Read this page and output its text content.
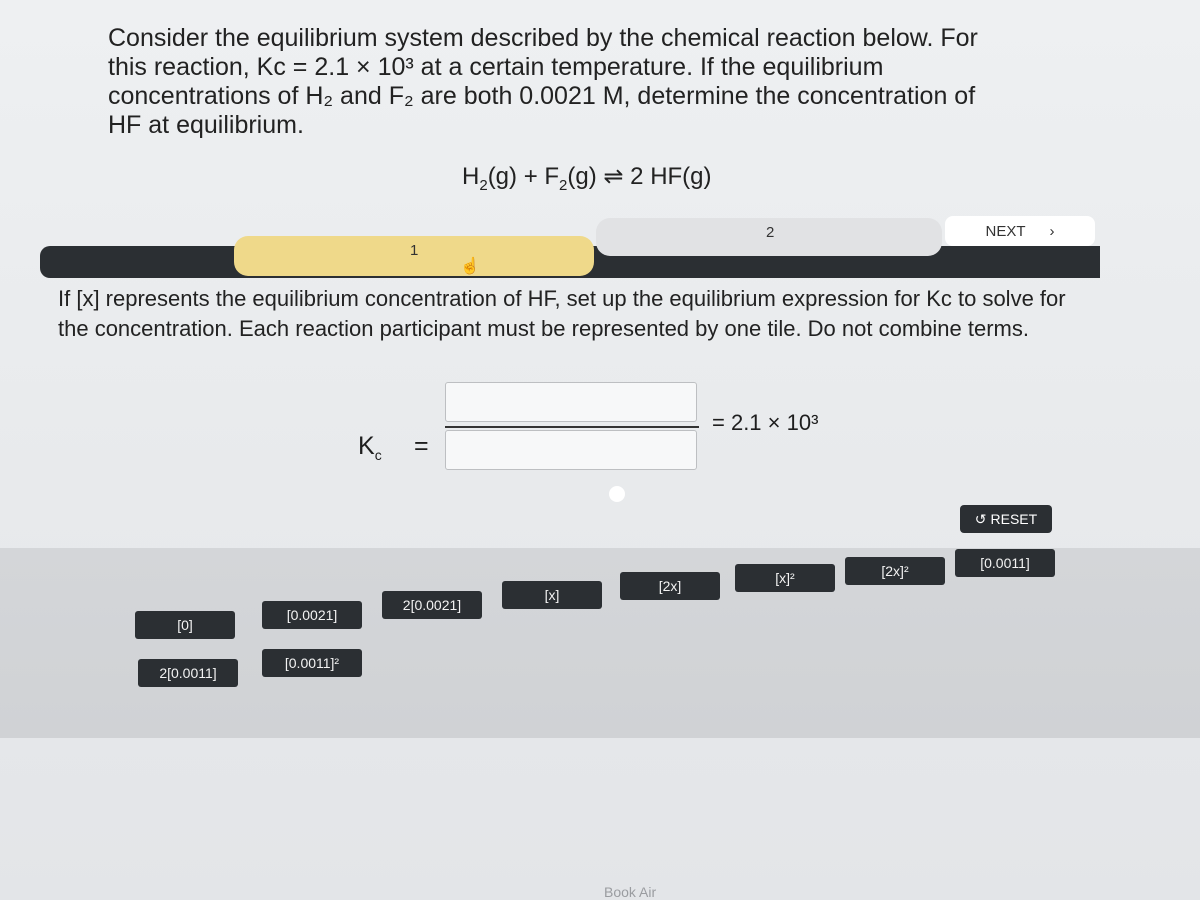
Consider the equilibrium system described by the chemical reaction below. For this reaction, Kc = 2.1 × 10³ at a certain temperature. If the equilibrium concentrations of H₂ and F₂ are both 0.0021 M, determine the concentration of HF at equilibrium.
$H_2(g) + F_2(g)$ ⇌ 2 HF(g)
1
☝
2	NEXT ›
If [x] represents the equilibrium concentration of HF, set up the equilibrium expression for Kc to solve for the concentration. Each reaction participant must be represented by one tile. Do not combine terms.
$K_c$ =
= 2.1 × 10³
↺ RESET
[0]
[0.0021]
2[0.0021]
[x]
[2x]	[x]²	[2x]²	[0.0011]
2[0.0011]
[0.0011]²
Book Air
